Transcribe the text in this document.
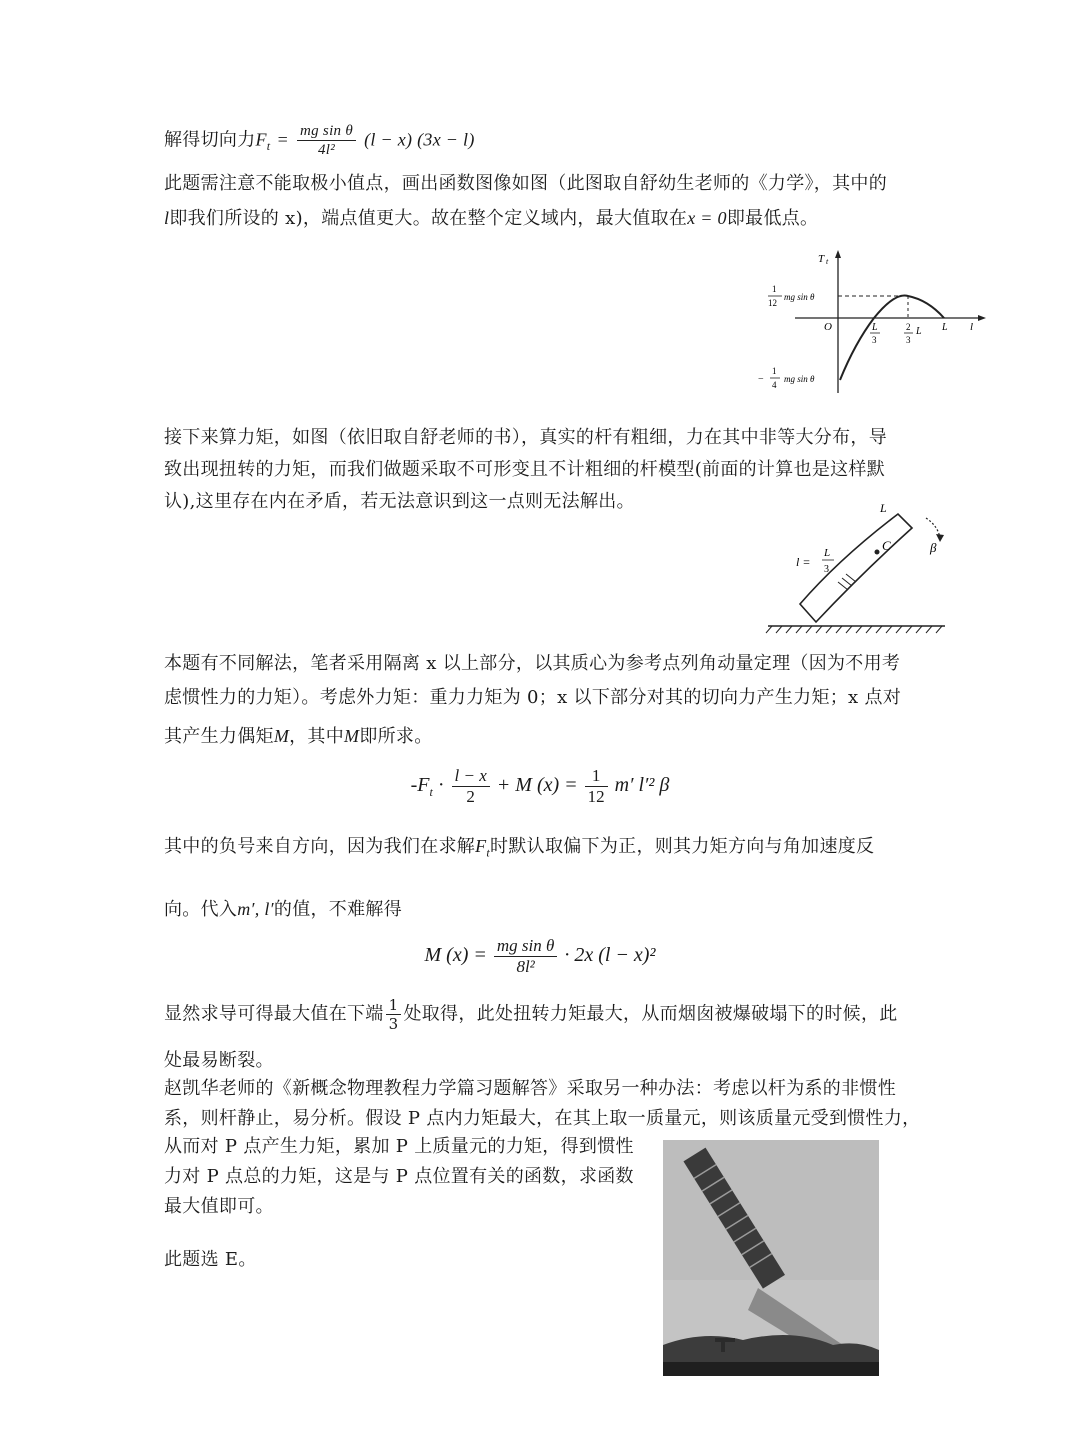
解得切向力$F_t = \frac{\text{mg sin θ}}{\text{4l²}} (l - x) (3x - l)$
此题需注意不能取极小值点，画出函数图像如图（此图取自舒幼生老师的《力学》，其中的
l即我们所设的 x)，端点值更大。故在整个定义域内，最大值取在x = 0即最低点。
T t
1
12
mg sin θ
−
1
4
mg sin θ
O	L
3
2
3
L L l
接下来算力矩，如图（依旧取自舒老师的书），真实的杆有粗细，力在其中非等大分布，导
致出现扭转的力矩，而我们做题采取不可形变且不计粗细的杆模型(前面的计算也是这样默
认),这里存在内在矛盾，若无法意识到这一点则无法解出。
C
L
l =
L
3
β
本题有不同解法，笔者采用隔离 x 以上部分，以其质心为参考点列角动量定理（因为不用考
虑惯性力的力矩）。考虑外力矩：重力力矩为 0；x 以下部分对其的切向力产生力矩；x 点对
其产生力偶矩M，其中M即所求。
$-F_t \cdot \frac{l - x}{2} + M$ $(x) = \frac{1}{12} m'$ l′² β
其中的负号来自方向，因为我们在求解$F_t$时默认取偏下为正，则其力矩方向与角加速度反
向。代入m′, l′的值，不难解得
M $(x) = \frac{\text{mg sin θ}}{\text{8l²}} \cdot 2x$ (l − x)²
显然求导可得最大值在下端 $\frac{1}{3}$ 处取得，此处扭转力矩最大，从而烟囱被爆破塌下的时候，此
处最易断裂。
赵凯华老师的《新概念物理教程力学篇习题解答》采取另一种办法：考虑以杆为系的非惯性
系，则杆静止，易分析。假设 P 点内力矩最大，在其上取一质量元，则该质量元受到惯性力，
从而对 P 点产生力矩，累加 P 上质量元的力矩，得到惯性
力对 P 点总的力矩，这是与 P 点位置有关的函数，求函数
最大值即可。
此题选 E。
